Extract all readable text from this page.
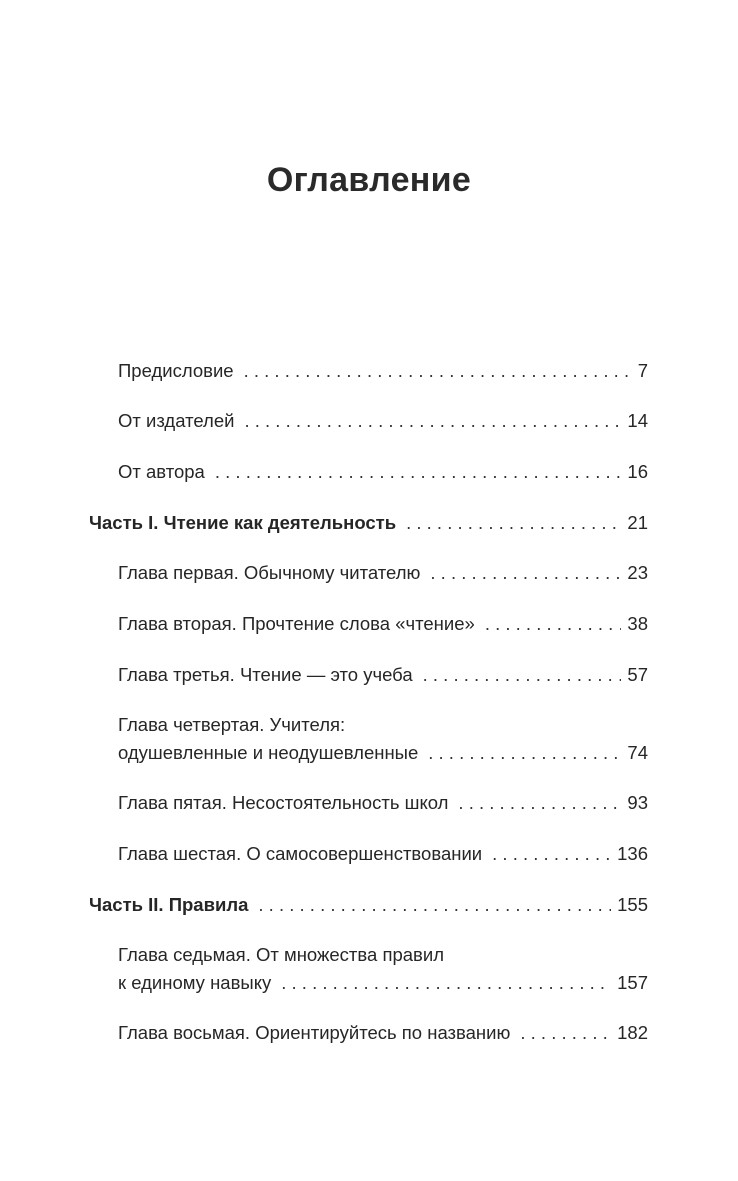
Оглавление
Предисловие . . .	7
От издателей . . .	14
От автора . . .	16
Часть I. Чтение как деятельность . . .	21
Глава первая. Обычному читателю . . .	23
Глава вторая. Прочтение слова «чтение» . . .	38
Глава третья. Чтение — это учеба . . .	57
Глава четвертая. Учителя:
одушевленные и неодушевленные . . .	74
Глава пятая. Несостоятельность школ . . .	93
Глава шестая. О самосовершенствовании . . .	136
Часть II. Правила . . .	155
Глава седьмая. От множества правил
к единому навыку . . .	157
Глава восьмая. Ориентируйтесь по названию . . .	182
